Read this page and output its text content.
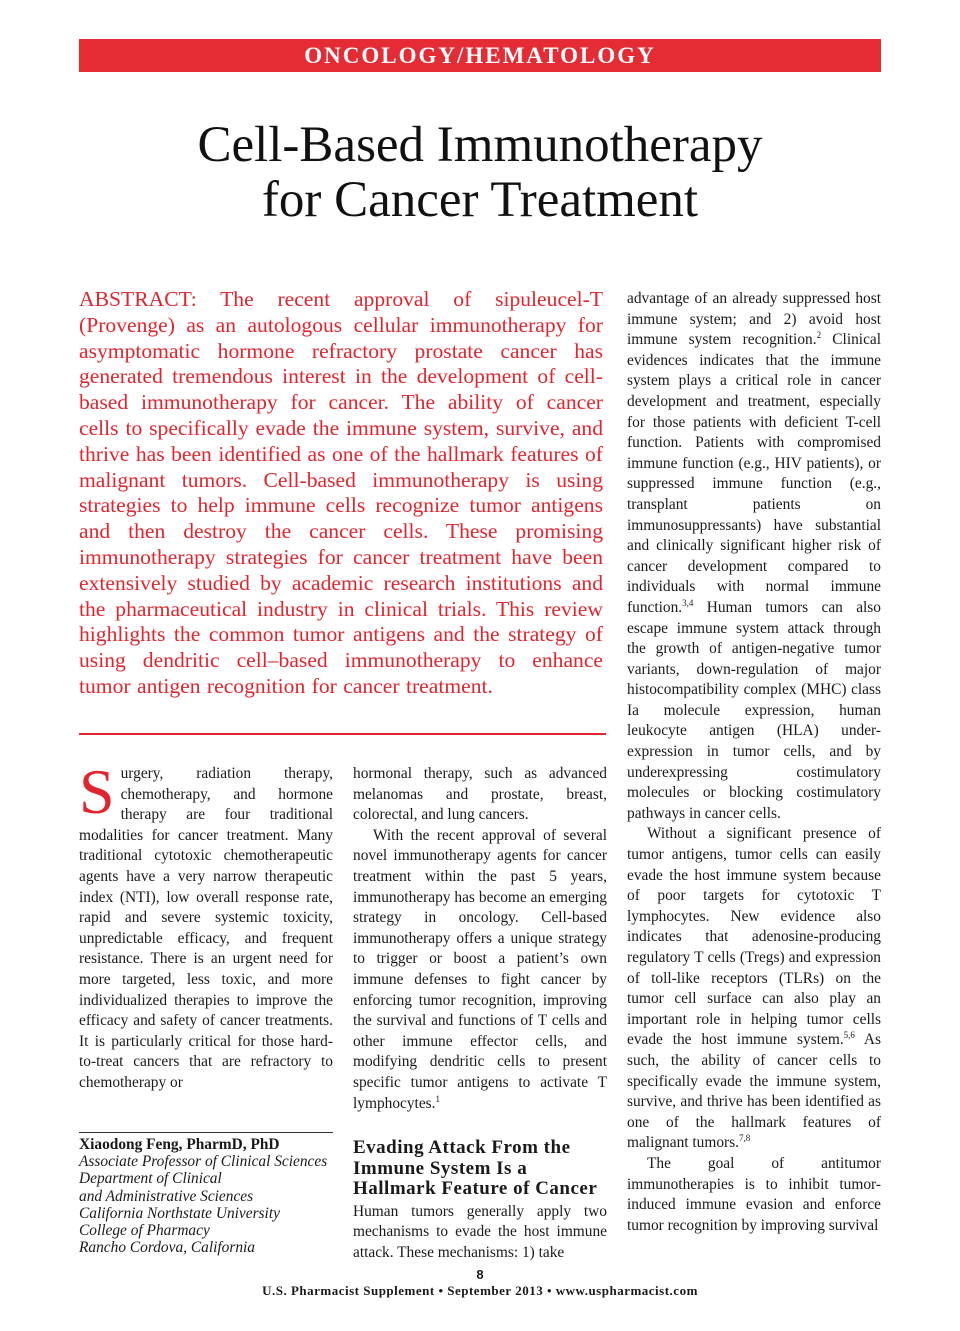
ONCOLOGY/HEMATOLOGY
Cell-Based Immunotherapy
for Cancer Treatment
ABSTRACT: The recent approval of sipuleucel-T (Provenge) as an autologous cellular immunotherapy for asymptomatic hormone refractory prostate cancer has generated tremendous interest in the development of cell-based immunotherapy for cancer. The ability of cancer cells to specifically evade the immune system, survive, and thrive has been identified as one of the hallmark features of malignant tumors. Cell-based immunotherapy is using strategies to help immune cells recognize tumor antigens and then destroy the cancer cells. These promising immunotherapy strategies for cancer treatment have been extensively studied by academic research institutions and the pharmaceutical industry in clinical trials. This review highlights the common tumor antigens and the strategy of using dendritic cell–based immunotherapy to enhance tumor antigen recognition for cancer treatment.

Surgery, radiation therapy, chemotherapy, and hormone therapy are four traditional modalities for cancer treatment. Many traditional cytotoxic chemotherapeutic agents have a very narrow therapeutic index (NTI), low overall response rate, rapid and severe systemic toxicity, unpredictable efficacy, and frequent resistance. There is an urgent need for more targeted, less toxic, and more individualized therapies to improve the efficacy and safety of cancer treatments. It is particularly critical for those hard-to-treat cancers that are refractory to chemotherapy or

Xiaodong Feng, PharmD, PhD
Associate Professor of Clinical Sciences
Department of Clinical
and Administrative Sciences
California Northstate University
College of Pharmacy
Rancho Cordova, California

hormonal therapy, such as advanced melanomas and prostate, breast, colorectal, and lung cancers.

With the recent approval of several novel immunotherapy agents for cancer treatment within the past 5 years, immunotherapy has become an emerging strategy in oncology. Cell-based immunotherapy offers a unique strategy to trigger or boost a patient’s own immune defenses to fight cancer by enforcing tumor recognition, improving the survival and functions of T cells and other immune effector cells, and modifying dendritic cells to present specific tumor antigens to activate T lymphocytes.$^1$

Evading Attack From the Immune System Is a Hallmark Feature of Cancer

Human tumors generally apply two mechanisms to evade the host immune attack. These mechanisms: 1) take

advantage of an already suppressed host immune system; and 2) avoid host immune system recognition.$^2$ Clinical evidences indicates that the immune system plays a critical role in cancer development and treatment, especially for those patients with deficient T-cell function. Patients with compromised immune function (e.g., HIV patients), or suppressed immune function (e.g., transplant patients on immunosuppressants) have substantial and clinically significant higher risk of cancer development compared to individuals with normal immune function.$^{3,4}$ Human tumors can also escape immune system attack through the growth of antigen-negative tumor variants, down-regulation of major histocompatibility complex (MHC) class Ia molecule expression, human leukocyte antigen (HLA) under-expression in tumor cells, and by underexpressing costimulatory molecules or blocking costimulatory pathways in cancer cells.

Without a significant presence of tumor antigens, tumor cells can easily evade the host immune system because of poor targets for cytotoxic T lymphocytes. New evidence also indicates that adenosine-producing regulatory T cells (Tregs) and expression of toll-like receptors (TLRs) on the tumor cell surface can also play an important role in helping tumor cells evade the host immune system.$^{5,6}$ As such, the ability of cancer cells to specifically evade the immune system, survive, and thrive has been identified as one of the hallmark features of malignant tumors.$^{7,8}$

The goal of antitumor immunotherapies is to inhibit tumor-induced immune evasion and enforce tumor recognition by improving survival

8
U.S. Pharmacist Supplement • September 2013 • www.uspharmacist.com
